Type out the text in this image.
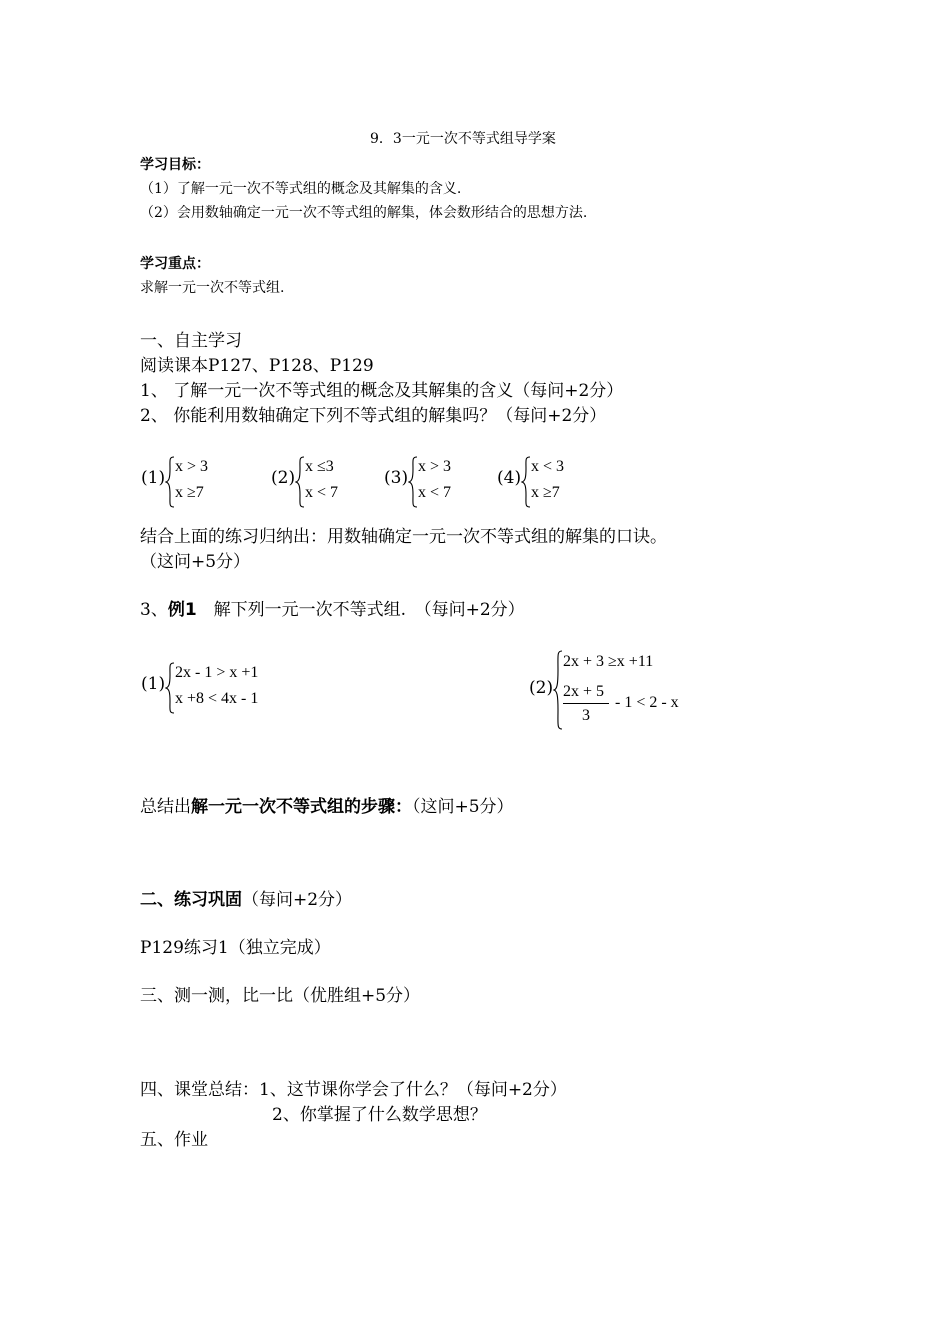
9．3一元一次不等式组导学案
学习目标：
（1）了解一元一次不等式组的概念及其解集的含义.
（2）会用数轴确定一元一次不等式组的解集，体会数形结合的思想方法.
学习重点：
求解一元一次不等式组.
一、自主学习
阅读课本P127、P128、P129
1、 了解一元一次不等式组的概念及其解集的含义（每问+2分）
2、 你能利用数轴确定下列不等式组的解集吗？（每问+2分）
(1)
x > 3
x ≥7
(2)
x ≤3
x < 7
(3)
x > 3
x < 7
(4)
x < 3
x ≥7
结合上面的练习归纳出：用数轴确定一元一次不等式组的解集的口诀。
（这问+5分）
3、例1　解下列一元一次不等式组.　（每问+2分）
(1)
2x - 1 > x +1
x +8 < 4x - 1
(2)
2x + 3 ≥x +11
2x + 5
3
- 1 < 2 - x
总结出解一元一次不等式组的步骤：（这问+5分）
二、练习巩固（每问+2分）
P129练习1（独立完成）
三、测一测，比一比（优胜组+5分）
四、课堂总结：1、这节课你学会了什么？（每问+2分）
2、你掌握了什么数学思想？
五、作业
